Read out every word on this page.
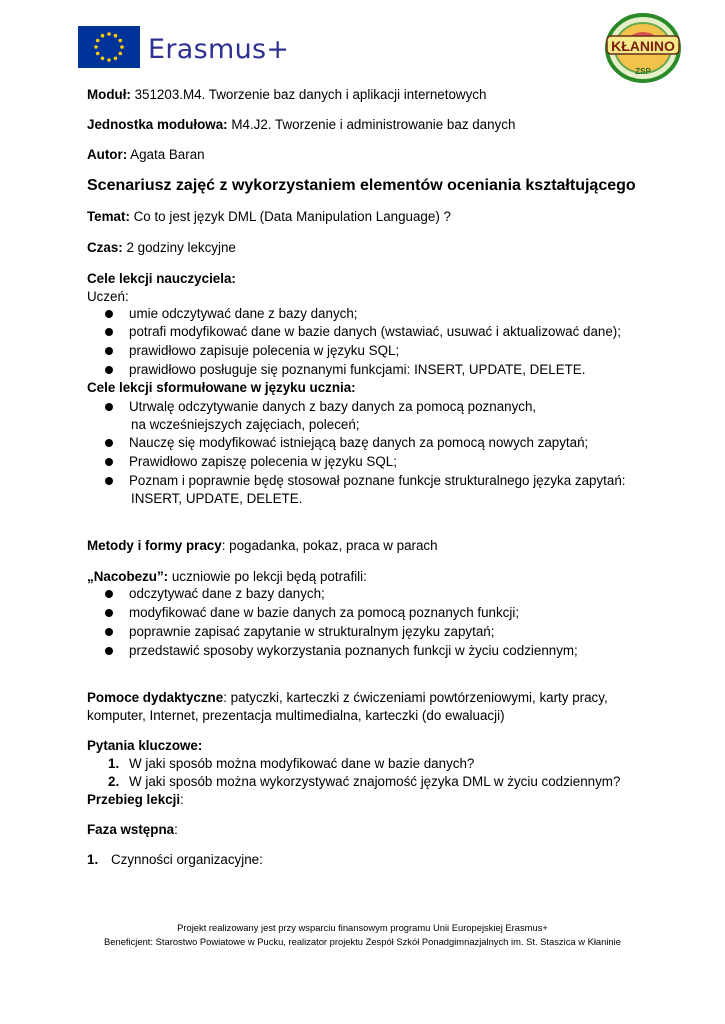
Erasmus+	KŁANINO
ZSP
Moduł: 351203.M4. Tworzenie baz danych i aplikacji internetowych
Jednostka modułowa: M4.J2. Tworzenie i administrowanie baz danych
Autor: Agata Baran
Scenariusz zajęć z wykorzystaniem elementów oceniania kształtującego
Temat: Co to jest język DML (Data Manipulation Language) ?
Czas: 2 godziny lekcyjne
Cele lekcji nauczyciela:
Uczeń:
umie odczytywać dane z bazy danych;
potrafi modyfikować dane w bazie danych (wstawiać, usuwać i aktualizować dane);
prawidłowo zapisuje polecenia w języku SQL;
prawidłowo posługuje się poznanymi funkcjami: INSERT, UPDATE, DELETE.
Cele lekcji sformułowane w języku ucznia:
Utrwalę odczytywanie danych z bazy danych za pomocą poznanych,
na wcześniejszych zajęciach, poleceń;
Nauczę się modyfikować istniejącą bazę danych za pomocą nowych zapytań;
Prawidłowo zapiszę polecenia w języku SQL;
Poznam i poprawnie będę stosował poznane funkcje strukturalnego języka zapytań:
INSERT, UPDATE, DELETE.
Metody i formy pracy: pogadanka, pokaz, praca w parach
„Nacobezu”: uczniowie po lekcji będą potrafili:
odczytywać dane z bazy danych;
modyfikować dane w bazie danych za pomocą poznanych funkcji;
poprawnie zapisać zapytanie w strukturalnym języku zapytań;
przedstawić sposoby wykorzystania poznanych funkcji w życiu codziennym;
Pomoce dydaktyczne: patyczki, karteczki z ćwiczeniami powtórzeniowymi, karty pracy,
komputer, Internet, prezentacja multimedialna, karteczki (do ewaluacji)
Pytania kluczowe:
1. W jaki sposób można modyfikować dane w bazie danych?
2. W jaki sposób można wykorzystywać znajomość języka DML w życiu codziennym?
Przebieg lekcji:
Faza wstępna:
1. Czynności organizacyjne:
Projekt realizowany jest przy wsparciu finansowym programu Unii Europejskiej Erasmus+
Beneficjent: Starostwo Powiatowe w Pucku, realizator projektu Zespół Szkół Ponadgimnazjalnych im. St. Staszica w Kłaninie
